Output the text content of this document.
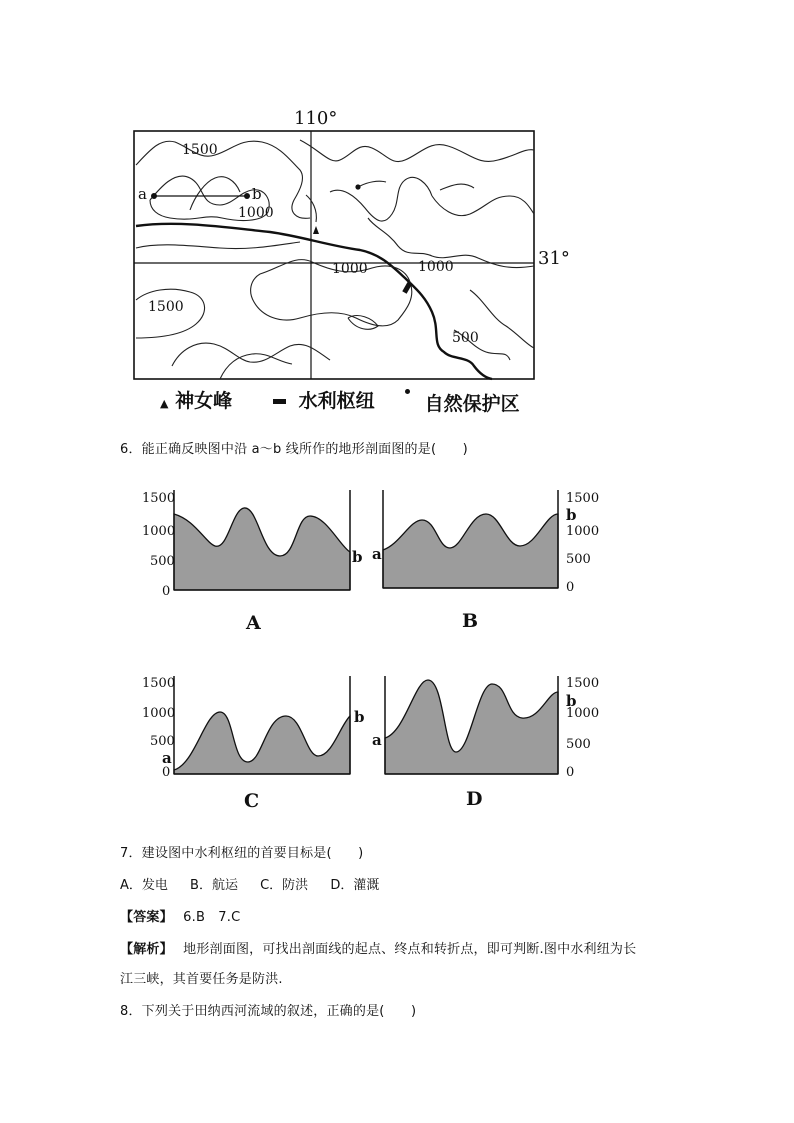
110°
31°
a	b
1500
1000
1000	1000
1500
500
▲ 神女峰	水利枢纽	自然保护区
6．能正确反映图中沿 a～b 线所作的地形剖面图的是(　　)
1500
1000
500
0
b
A
a
1500
b
1000
500
0
B
1500
1000
500
a
0
b
C
a
1500
b
1000
500
0
D
7．建设图中水利枢纽的首要目标是(　　)
A．发电 B．航运 C．防洪 D．灌溉
【答案】 6.B　7.C
【解析】 地形剖面图，可找出剖面线的起点、终点和转折点，即可判断.图中水利纽为长
江三峡，其首要任务是防洪.
8．下列关于田纳西河流域的叙述，正确的是(　　)
